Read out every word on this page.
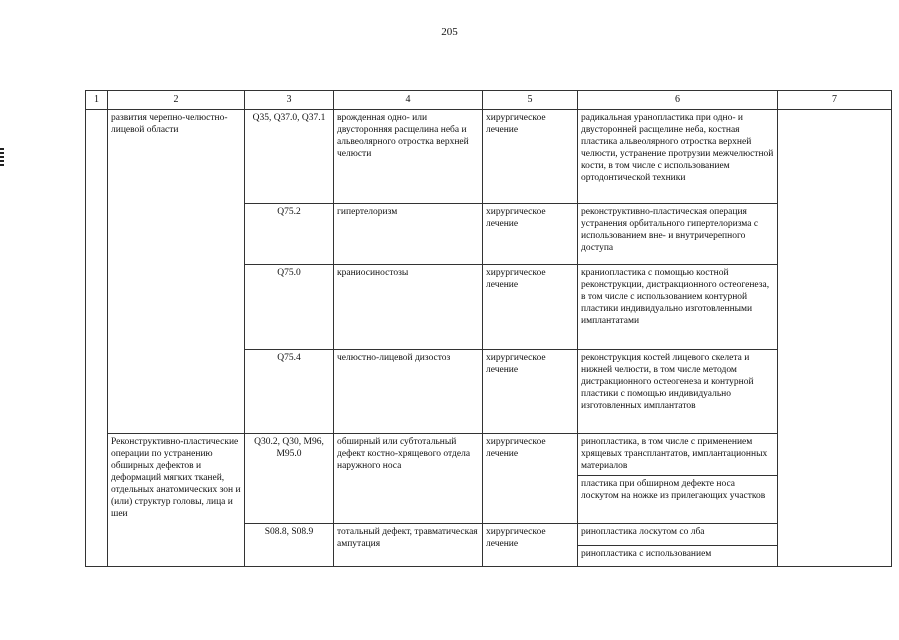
205
1	2	3	4	5	6	7
	развития черепно-челюстно-лицевой области	Q35, Q37.0, Q37.1	врожденная одно- или двусторонняя расщелина неба и альвеолярного отростка верхней челюсти	хирургическое лечение	радикальная уранопластика при одно- и двусторонней расщелине неба, костная пластика альвеолярного отростка верхней челюсти, устранение протрузии межчелюстной кости, в том числе с использованием ортодонтической техники	
		Q75.2	гипертелоризм	хирургическое лечение	реконструктивно-пластическая операция устранения орбитального гипертелоризма с использованием вне- и внутричерепного доступа	
		Q75.0	краниосиностозы	хирургическое лечение	краниопластика с помощью костной реконструкции, дистракционного остеогенеза, в том числе с использованием контурной пластики индивидуально изготовленными имплантатами	
		Q75.4	челюстно-лицевой дизостоз	хирургическое лечение	реконструкция костей лицевого скелета и нижней челюсти, в том числе методом дистракционного остеогенеза и контурной пластики с помощью индивидуально изготовленных имплантатов	
	Реконструктивно-пластические операции по устранению обширных дефектов и деформаций мягких тканей, отдельных анатомических зон и (или) структур головы, лица и шеи	Q30.2, Q30, M96, M95.0	обширный или субтотальный дефект костно-хрящевого отдела наружного носа	хирургическое лечение	ринопластика, в том числе с применением хрящевых трансплантатов, имплантационных материалов	
					пластика при обширном дефекте носа лоскутом на ножке из прилегающих участков	
		S08.8, S08.9	тотальный дефект, травматическая ампутация	хирургическое лечение	ринопластика лоскутом со лба	
					ринопластика с использованием	
